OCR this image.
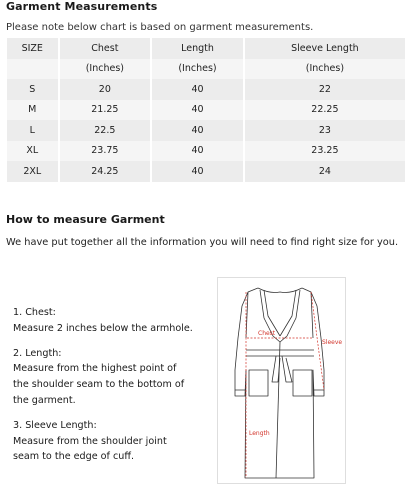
Garment Measurements
Please note below chart is based on garment measurements.
SIZE	Chest	Length	Sleeve Length
	(Inches)	(Inches)	(Inches)
S	20	40	22
M	21.25	40	22.25
L	22.5	40	23
XL	23.75	40	23.25
2XL	24.25	40	24
How to measure Garment
We have put together all the information you will need to find right size for you.
1. Chest:
Measure 2 inches below the armhole.
2. Length:
Measure from the highest point of
the shoulder seam to the bottom of
the garment.
3. Sleeve Length:
Measure from the shoulder joint
seam to the edge of cuff.
Chest
Sleeve
Length
